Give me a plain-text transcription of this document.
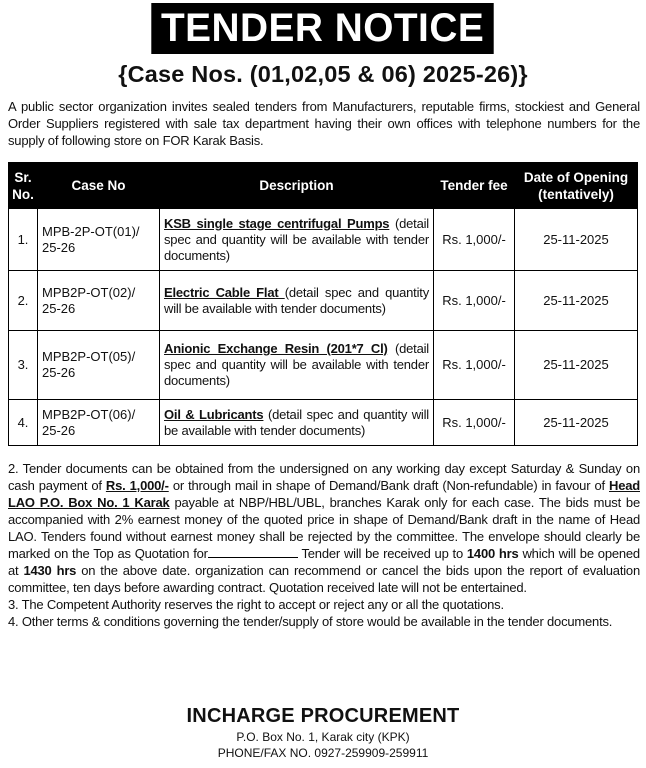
TENDER NOTICE
{Case Nos. (01,02,05 & 06) 2025-26)}
A public sector organization invites sealed tenders from Manufacturers, reputable firms, stockiest and General Order Suppliers registered with sale tax department having their own offices with telephone numbers for the supply of following store on FOR Karak Basis.
Sr. No.	Case No	Description	Tender fee	Date of Opening (tentatively)
1.	MPB-2P-OT(01)/ 25-26	KSB single stage centrifugal Pumps (detail spec and quantity will be available with tender documents)	Rs. 1,000/-	25-11-2025
2.	MPB2P-OT(02)/ 25-26	Electric Cable Flat (detail spec and quantity will be available with tender documents)	Rs. 1,000/-	25-11-2025
3.	MPB2P-OT(05)/ 25-26	Anionic Exchange Resin (201*7 Cl) (detail spec and quantity will be available with tender documents)	Rs. 1,000/-	25-11-2025
4.	MPB2P-OT(06)/ 25-26	Oil & Lubricants (detail spec and quantity will be available with tender documents)	Rs. 1,000/-	25-11-2025

2. Tender documents can be obtained from the undersigned on any working day except Saturday & Sunday on cash payment of Rs. 1,000/- or through mail in shape of Demand/Bank draft (Non-refundable) in favour of Head LAO P.O. Box No. 1 Karak payable at NBP/HBL/UBL, branches Karak only for each case. The bids must be accompanied with 2% earnest money of the quoted price in shape of Demand/Bank draft in the name of Head LAO. Tenders found without earnest money shall be rejected by the committee. The envelope should clearly be marked on the Top as Quotation for	Tender will be received up to 1400 hrs which will be opened at 1430 hrs on the above date. organization can recommend or cancel the bids upon the report of evaluation committee, ten days before awarding contract. Quotation received late will not be entertained.

3. The Competent Authority reserves the right to accept or reject any or all the quotations.

4. Other terms & conditions governing the tender/supply of store would be available in the tender documents.

INCHARGE PROCUREMENT
P.O. Box No. 1, Karak city (KPK)
PHONE/FAX NO. 0927-259909-259911
